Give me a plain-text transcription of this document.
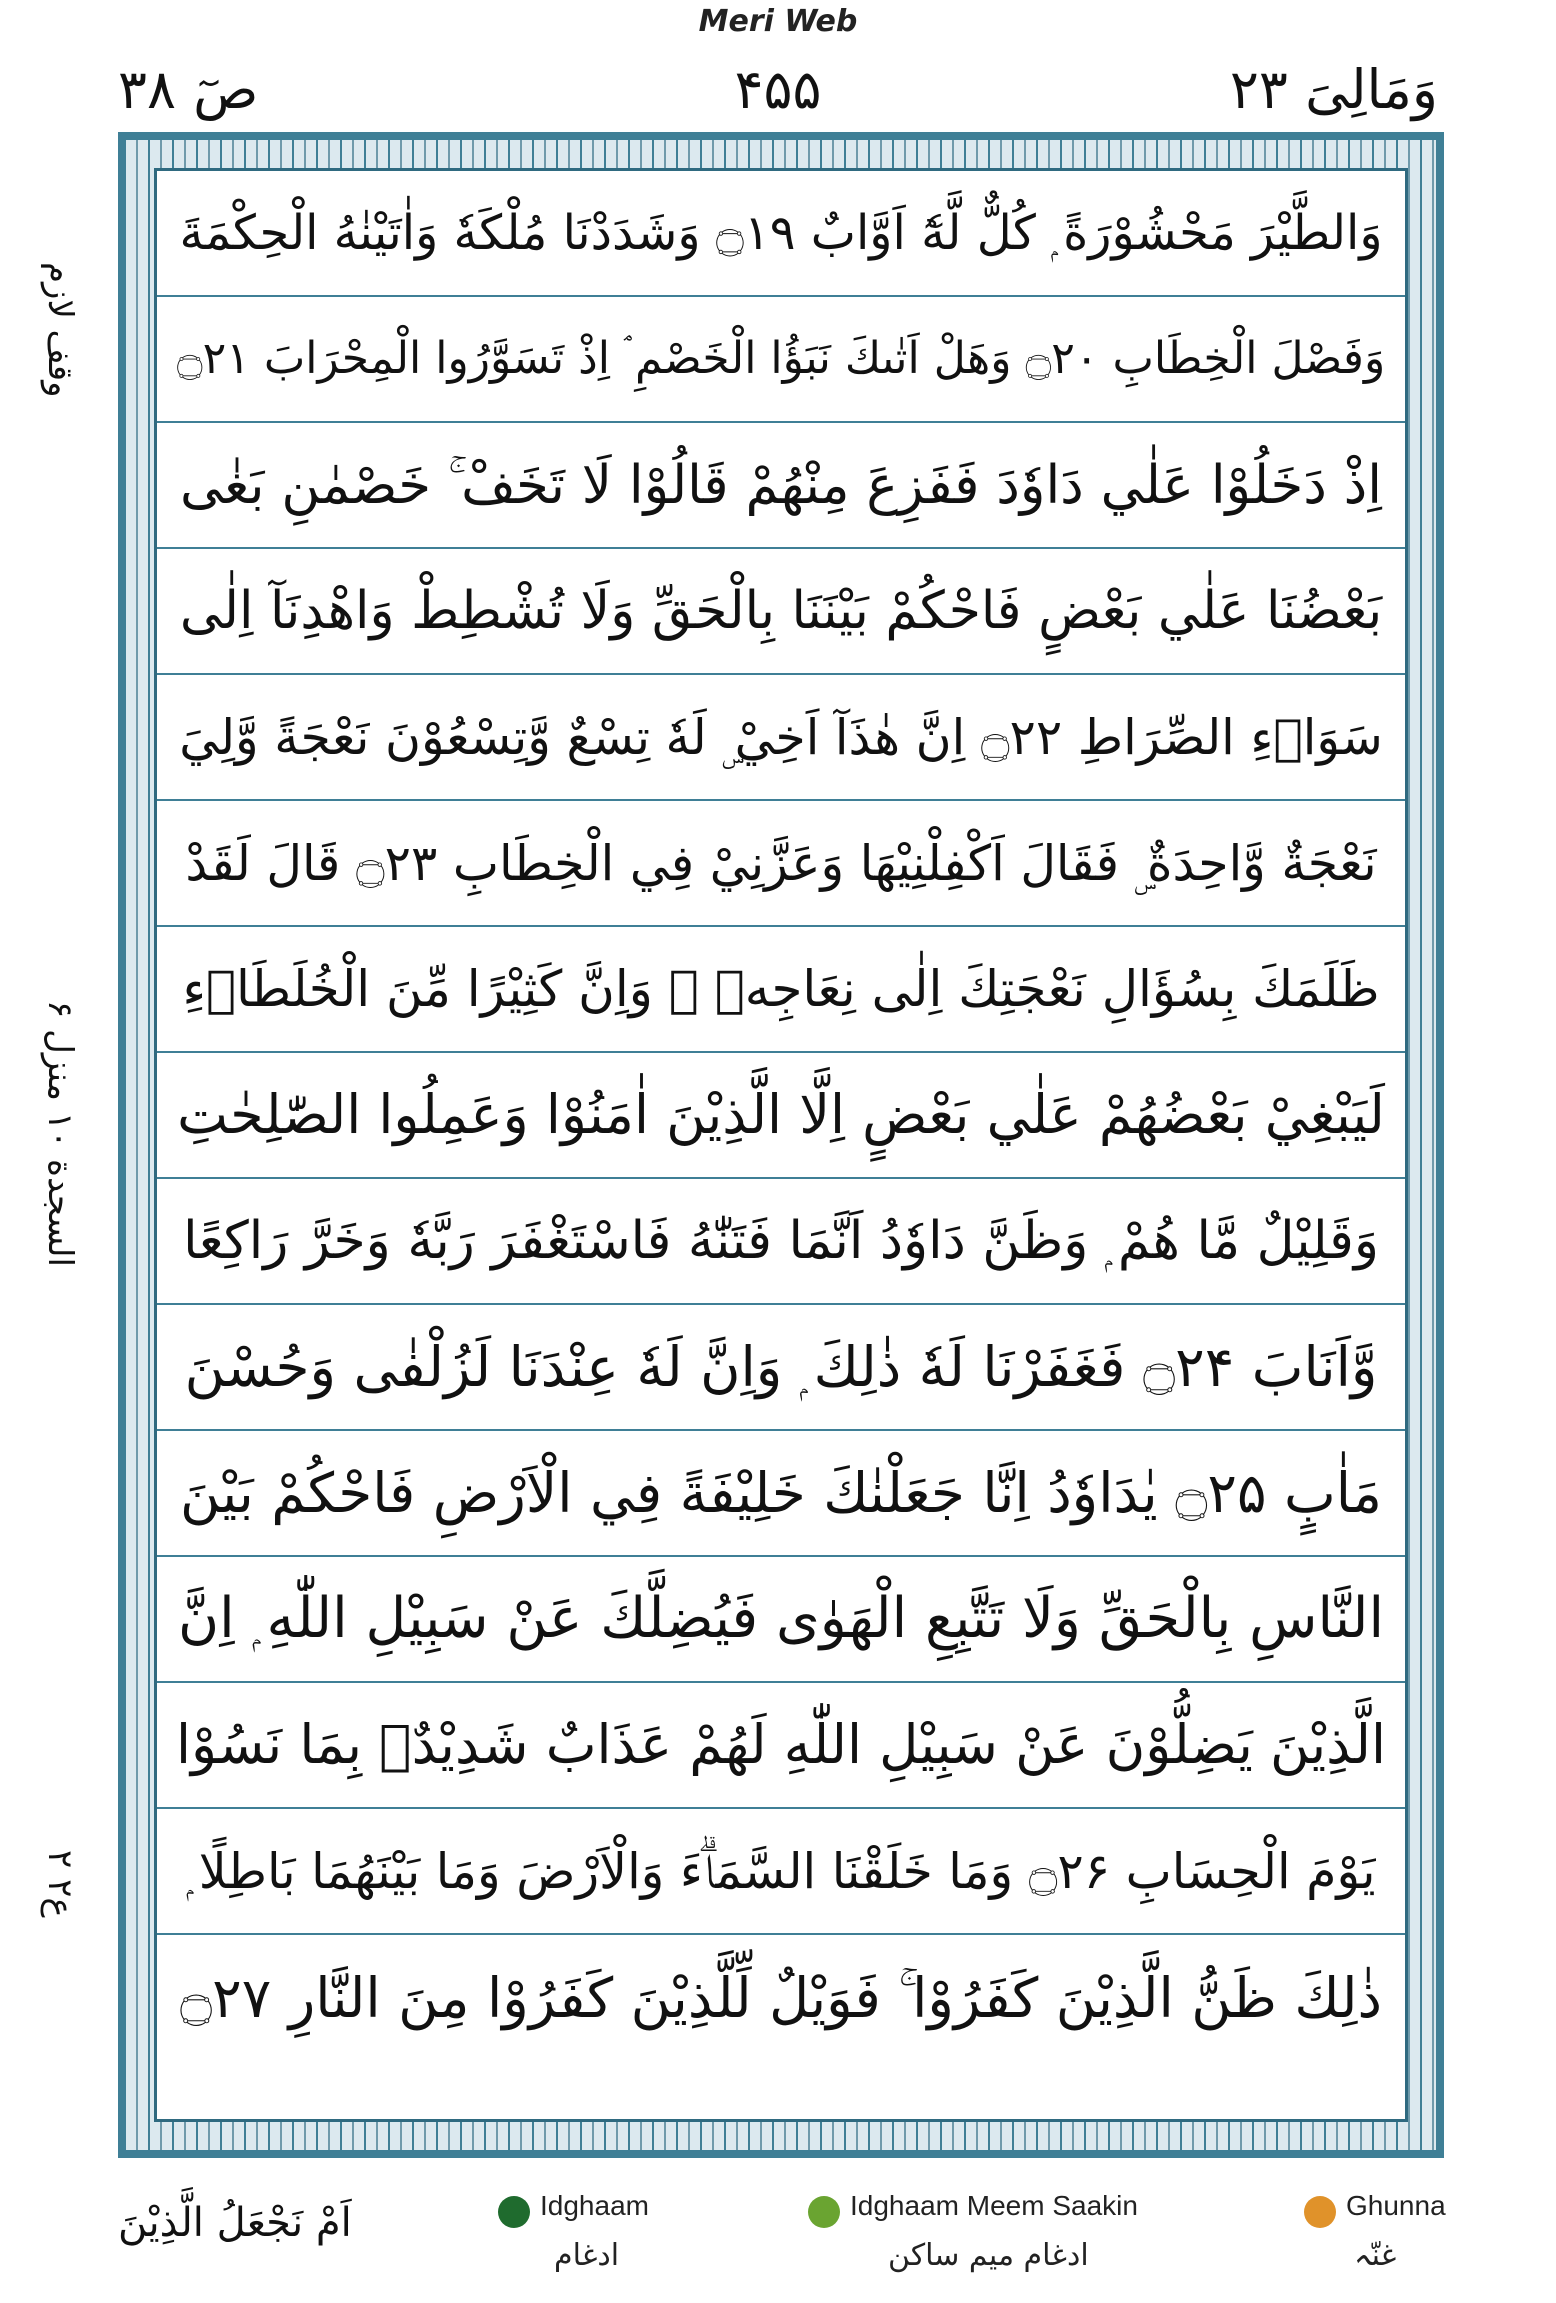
Meri Web
صٓ ۳۸	۴۵۵	وَمَالِیَ ۲۳
وقف لازم
السجدة ۱۰ منزل ۶
ع۲ ۲
وَالطَّيْرَ مَحْشُوْرَةً ۭ كُلٌّ لَّهٗٓ اَوَّابٌ ۝۱۹ وَشَدَدْنَا مُلْكَهٗ وَاٰتَيْنٰهُ الْحِكْمَةَ
وَفَصْلَ الْخِطَابِ ۝۲۰ وَهَلْ اَتٰىكَ نَبَؤُا الْخَصْمِ ۘ اِذْ تَسَوَّرُوا الْمِحْرَابَ ۝۲۱
اِذْ دَخَلُوْا عَلٰي دَاوٗدَ فَفَزِعَ مِنْهُمْ قَالُوْا لَا تَخَفْ ۚ خَصْمٰنِ بَغٰى
بَعْضُنَا عَلٰي بَعْضٍ فَاحْكُمْ بَيْنَنَا بِالْحَقِّ وَلَا تُشْطِطْ وَاهْدِنَآ اِلٰى
سَوَاۗءِ الصِّرَاطِ ۝۲۲ اِنَّ هٰذَآ اَخِيْ ۣ لَهٗ تِسْعٌ وَّتِسْعُوْنَ نَعْجَةً وَّلِيَ
نَعْجَةٌ وَّاحِدَةٌ ۣ فَقَالَ اَكْفِلْنِيْهَا وَعَزَّنِيْ فِي الْخِطَابِ ۝۲۳ قَالَ لَقَدْ
ظَلَمَكَ بِسُؤَالِ نَعْجَتِكَ اِلٰى نِعَاجِهٖ ۭ وَاِنَّ كَثِيْرًا مِّنَ الْخُلَطَاۗءِ
لَيَبْغِيْ بَعْضُهُمْ عَلٰي بَعْضٍ اِلَّا الَّذِيْنَ اٰمَنُوْا وَعَمِلُوا الصّٰلِحٰتِ
وَقَلِيْلٌ مَّا هُمْ ۭ وَظَنَّ دَاوٗدُ اَنَّمَا فَتَنّٰهُ فَاسْتَغْفَرَ رَبَّهٗ وَخَرَّ رَاكِعًا
وَّاَنَابَ ۝۲۴ فَغَفَرْنَا لَهٗ ذٰلِكَ ۭ وَاِنَّ لَهٗ عِنْدَنَا لَزُلْفٰى وَحُسْنَ
مَاٰبٍ ۝۲۵ يٰدَاوٗدُ اِنَّا جَعَلْنٰكَ خَلِيْفَةً فِي الْاَرْضِ فَاحْكُمْ بَيْنَ
النَّاسِ بِالْحَقِّ وَلَا تَتَّبِعِ الْهَوٰى فَيُضِلَّكَ عَنْ سَبِيْلِ اللّٰهِ ۭ اِنَّ
الَّذِيْنَ يَضِلُّوْنَ عَنْ سَبِيْلِ اللّٰهِ لَهُمْ عَذَابٌ شَدِيْدٌۢ بِمَا نَسُوْا
يَوْمَ الْحِسَابِ ۝۲۶ وَمَا خَلَقْنَا السَّمَاۗءَ وَالْاَرْضَ وَمَا بَيْنَهُمَا بَاطِلًا ۭ
ذٰلِكَ ظَنُّ الَّذِيْنَ كَفَرُوْا ۚ فَوَيْلٌ لِّلَّذِيْنَ كَفَرُوْا مِنَ النَّارِ ۝۲۷
اَمْ نَجْعَلُ الَّذِيْنَ	Idghaam
ادغام
Idghaam Meem Saakin
ادغام میم ساکن
Ghunna
غنّہ
